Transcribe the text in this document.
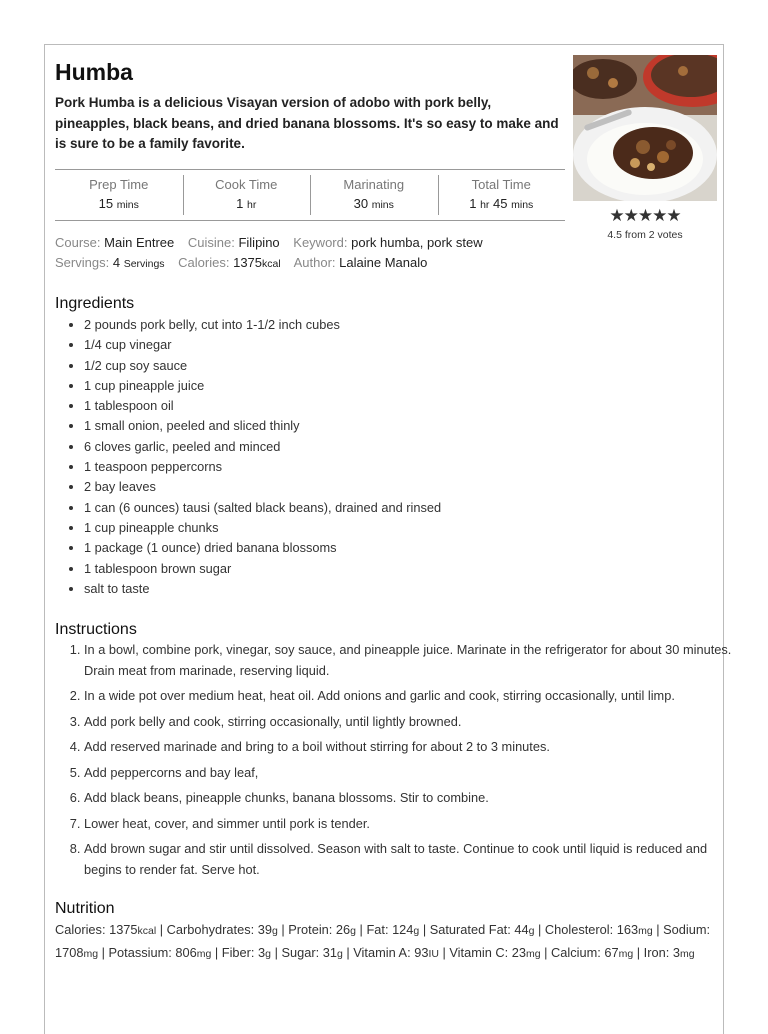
Humba

Pork Humba is a delicious Visayan version of adobo with pork belly, pineapples, black beans, and dried banana blossoms. It's so easy to make and is sure to be a family favorite.

★★★★★
4.5 from 2 votes
Prep Time
15 mins
Cook Time
1 hr
Marinating
30 mins
Total Time
1 hr 45 mins
Course: Main Entree Cuisine: Filipino Keyword: pork humba, pork stew
Servings: 4 Servings Calories: 1375kcal Author: Lalaine Manalo
Ingredients
• 2 pounds pork belly, cut into 1-1/2 inch cubes
• 1/4 cup vinegar
• 1/2 cup soy sauce
• 1 cup pineapple juice
• 1 tablespoon oil
• 1 small onion, peeled and sliced thinly
• 6 cloves garlic, peeled and minced
• 1 teaspoon peppercorns
• 2 bay leaves
• 1 can (6 ounces) tausi (salted black beans), drained and rinsed
• 1 cup pineapple chunks
• 1 package (1 ounce) dried banana blossoms
• 1 tablespoon brown sugar
• salt to taste
Instructions
1. In a bowl, combine pork, vinegar, soy sauce, and pineapple juice. Marinate in the refrigerator for about 30 minutes. Drain meat from marinade, reserving liquid.
2. In a wide pot over medium heat, heat oil. Add onions and garlic and cook, stirring occasionally, until limp.
3. Add pork belly and cook, stirring occasionally, until lightly browned.
4. Add reserved marinade and bring to a boil without stirring for about 2 to 3 minutes.
5. Add peppercorns and bay leaf,
6. Add black beans, pineapple chunks, banana blossoms. Stir to combine.
7. Lower heat, cover, and simmer until pork is tender.
8. Add brown sugar and stir until dissolved. Season with salt to taste. Continue to cook until liquid is reduced and begins to render fat. Serve hot.
Nutrition

Calories: 1375kcal | Carbohydrates: 39g | Protein: 26g | Fat: 124g | Saturated Fat: 44g | Cholesterol: 163mg | Sodium: 1708mg | Potassium: 806mg | Fiber: 3g | Sugar: 31g | Vitamin A: 93IU | Vitamin C: 23mg | Calcium: 67mg | Iron: 3mg
